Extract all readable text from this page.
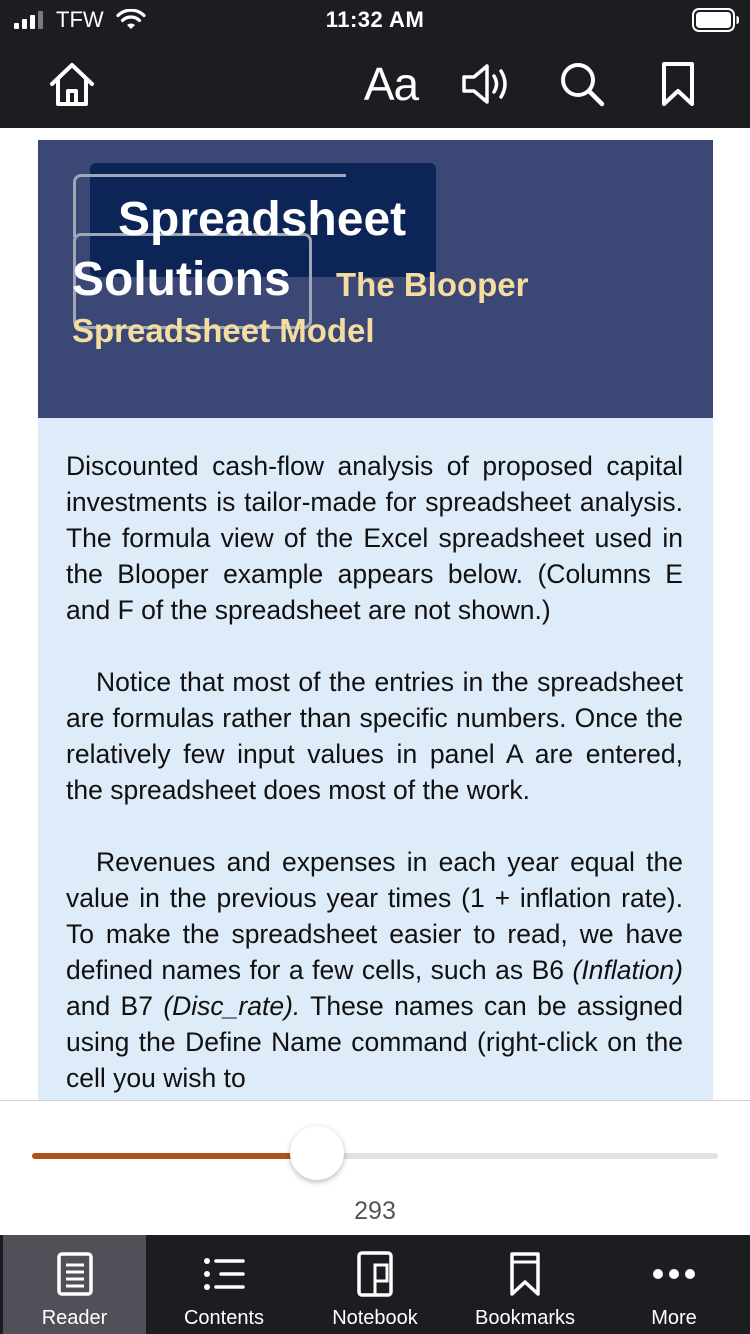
TFW	11:32 AM
Aa
Spreadsheet
Solutions The Blooper
Spreadsheet Model

Discounted cash-flow analysis of proposed capital investments is tailor-made for spreadsheet analysis. The formula view of the Excel spreadsheet used in the Blooper example appears below. (Columns E and F of the spreadsheet are not shown.)

Notice that most of the entries in the spreadsheet are formulas rather than specific numbers. Once the relatively few input values in panel A are entered, the spreadsheet does most of the work.

Revenues and expenses in each year equal the value in the previous year times (1 + inflation rate). To make the spreadsheet easier to read, we have defined names for a few cells, such as B6 (Inflation) and B7 (Disc_rate). These names can be assigned using the Define Name command (right-click on the cell you wish to

293
Reader	Contents	Notebook	Bookmarks	More
